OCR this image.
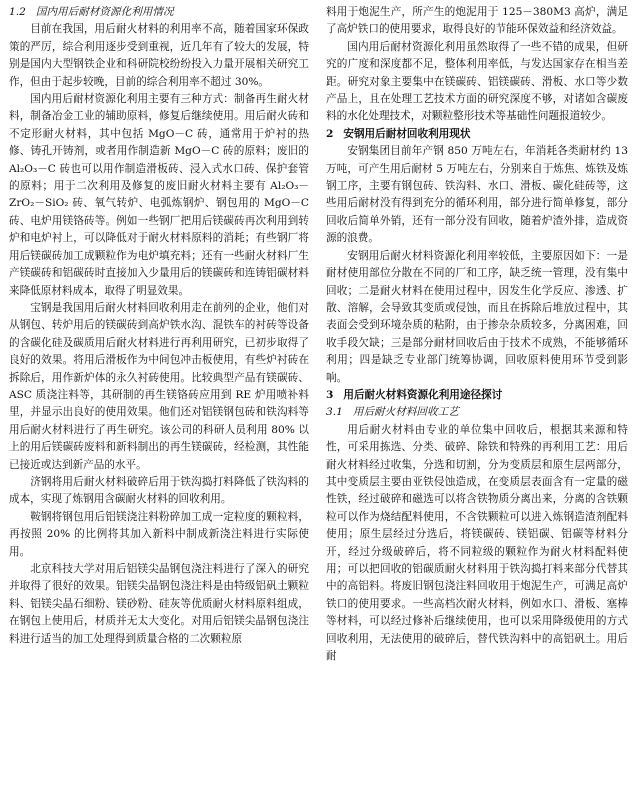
1.2 国内用后耐材资源化利用情况

目前在我国，用后耐火材料的利用率不高，随着国家环保政策的严厉，综合利用逐步受到重视，近几年有了较大的发展，特别是国内大型钢铁企业和科研院校纷纷投入力量开展相关研究工作，但由于起步较晚，目前的综合利用率不超过 30%。

国内用后耐材资源化利用主要有三种方式：制备再生耐火材料，制备冶金工业的辅助原料，修复后继续使用。用后耐火砖和不定形耐火材料，其中包括 MgO－C 砖，通常用于炉衬的热修、铸孔开铸剂，或者用作制造新 MgO－C 砖的原料；废旧的 Al₂O₃－C 砖也可以用作制造滑板砖、浸入式水口砖、保护套管的原料；用于二次利用及修复的废旧耐火材料主要有 Al₂O₃－ZrO₂－SiO₂ 砖、氧气转炉、电弧炼钢炉、钢包用的 MgO－C 砖、电炉用镁铬砖等。例如一些钢厂把用后镁碳砖再次利用到转炉和电炉衬上，可以降低对于耐火材料原料的消耗；有些钢厂将用后镁碳砖加工成颗粒作为电炉填充料；还有一些耐火材料厂生产镁碳砖和铝碳砖时直接加入少量用后的镁碳砖和连铸铝碳材料来降低原材料成本，取得了明显效果。

宝钢是我国用后耐火材料回收利用走在前列的企业，他们对从钢包、转炉用后的镁碳砖到高炉铁水沟、混铁车的衬砖等设备的含碳化硅及碳质用后耐火材料进行再利用研究，已初步取得了良好的效果。将用后滑板作为中间包冲击板使用，有些炉衬砖在拆除后，用作新炉体的永久衬砖使用。比较典型产品有镁碳砖、ASC 质浇注料等，其研制的再生镁铬砖应用到 RE 炉用喷补料里，并显示出良好的使用效果。他们还对铝镁钢包砖和铁沟料等用后耐火材料进行了再生研究。该公司的科研人员利用 80% 以上的用后镁碳砖废料和新料制出的再生镁碳砖，经检测，其性能已接近或达到新产品的水平。

济钢将用后耐火材料破碎后用于铁沟捣打料降低了铁沟料的成本，实现了炼钢用含碳耐火材料的回收利用。

鞍钢将钢包用后铝镁浇注料粉碎加工成一定粒度的颗粒料，再按照 20% 的比例将其加入新料中制成新浇注料进行实际使用。

北京科技大学对用后铝镁尖晶钢包浇注料进行了深入的研究并取得了很好的效果。铝镁尖晶钢包浇注料是由特级铝矾土颗粒料、铝镁尖晶石细粉、镁砂粉、硅灰等优质耐火材料原料组成，在钢包上使用后，材质并无太大变化。对用后铝镁尖晶钢包浇注料进行适当的加工处理得到质量合格的二次颗粒原

料用于炮泥生产，所产生的炮泥用于 125－380M3 高炉，满足了高炉铁口的使用要求，取得良好的节能环保效益和经济效益。

国内用后耐材资源化利用虽然取得了一些不错的成果，但研究的广度和深度都不足，整体利用率低，与发达国家存在相当差距。研究对象主要集中在镁碳砖、铝镁碳砖、滑板、水口等少数产品上，且在处理工艺技术方面的研究深度不够，对诸如含碳废料的水化处理技术，对颗粒整形技术等基础性问题报道较少。

2 安钢用后耐材回收利用现状

安钢集团目前年产钢 850 万吨左右，年消耗各类耐材约 13 万吨，可产生用后耐材 5 万吨左右，分别来自于炼焦、炼铁及炼钢工序，主要有钢包砖、铁沟料、水口、滑板、碳化硅砖等，这些用后耐材没有得到充分的循环利用，部分进行简单修复，部分回收后简单外销，还有一部分没有回收，随着炉渣外排，造成资源的浪费。

安钢用后耐火材料资源化利用率较低，主要原因如下：一是耐材使用部位分散在不同的厂和工序，缺乏统一管理，没有集中回收；二是耐火材料在使用过程中，因发生化学反应、渗透、扩散、溶解，会导致其变质或侵蚀，而且在拆除后堆放过程中，其表面会受到环境杂质的粘附，由于掺杂杂质较多，分离困难，回收手段欠缺；三是部分耐材回收后由于技术不成熟，不能够循环利用；四是缺乏专业部门统筹协调，回收原料使用环节受到影响。

3 用后耐火材料资源化利用途径探讨

3.1 用后耐火材料回收工艺

用后耐火材料由专业的单位集中回收后，根据其来源和特性，可采用拣选、分类、破碎、除铁和特殊的再利用工艺：用后耐火材料经过收集，分选和切割，分为变质层和原生层两部分，其中变质层主要由亚铁侵蚀造成，在变质层表面含有一定量的磁性铁，经过破碎和磁选可以将含铁物质分离出来，分离的含铁颗粒可以作为烧结配料使用，不含铁颗粒可以进入炼钢造渣剂配料使用；原生层经过分选后，将镁碳砖、镁铝碳、铝碳等材料分开，经过分级破碎后，将不同粒级的颗粒作为耐火材料配料使用；可以把回收的铝碳质耐火材料用于铁沟捣打料来部分代替其中的高铝料。将废旧钢包浇注料回收用于炮泥生产，可满足高炉铁口的使用要求。一些高档次耐火材料，例如水口、滑板、塞棒等材料，可以经过修补后继续使用，也可以采用降级使用的方式回收利用，无法使用的破碎后，替代铁沟料中的高铝矾土。用后耐
